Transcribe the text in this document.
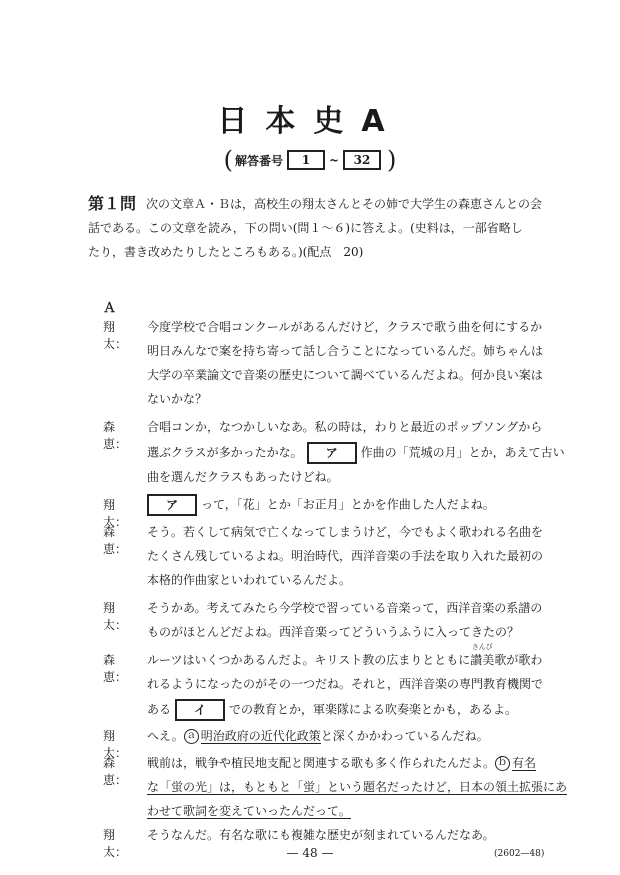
日本史A
( 解答番号	1	~	32 )
第１問 次の文章Ａ・Ｂは，高校生の翔太さんとその姉で大学生の森恵さんとの会
話である。この文章を読み，下の問い(問１～６)に答えよ。(史料は，一部省略し
たり，書き改めたりしたところもある。)(配点　20)
Ａ
翔　太：
今度学校で合唱コンクールがあるんだけど，クラスで歌う曲を何にするか
明日みんなで案を持ち寄って話し合うことになっているんだ。姉ちゃんは
大学の卒業論文で音楽の歴史について調べているんだよね。何か良い案は
ないかな？
森　恵：
合唱コンか，なつかしいなあ。私の時は，わりと最近のポップソングから
選ぶクラスが多かったかな。 ア 作曲の「荒城の月」とか，あえて古い
曲を選んだクラスもあったけどね。
翔　太：
ア って，「花」とか「お正月」とかを作曲した人だよね。
森　恵：
そう。若くして病気で亡くなってしまうけど，今でもよく歌われる名曲を
たくさん残しているよね。明治時代，西洋音楽の手法を取り入れた最初の
本格的作曲家といわれているんだよ。
翔　太：
そうかあ。考えてみたら今学校で習っている音楽って，西洋音楽の系譜の
ものがほとんどだよね。西洋音楽ってどういうふうに入ってきたの？
森　恵：
ルーツはいくつかあるんだよ。キリスト教の広まりとともに
さんび
讃美歌が歌わ
れるようになったのがその一つだね。それと，西洋音楽の専門教育機関で
ある イ での教育とか，軍楽隊による吹奏楽とかも，あるよ。
翔　太：
へえ。 ａ 明治政府の近代化政策と深くかかわっているんだね。
森　恵：
戦前は，戦争や植民地支配と関連する歌も多く作られたんだよ。 ｂ 有名
な「蛍の光」は，もともと「蛍」という題名だったけど，日本の領土拡張にあ
わせて歌詞を変えていったんだって。
— 48 —	(2602—48)
翔　太：
そうなんだ。有名な歌にも複雑な歴史が刻まれているんだなあ。
